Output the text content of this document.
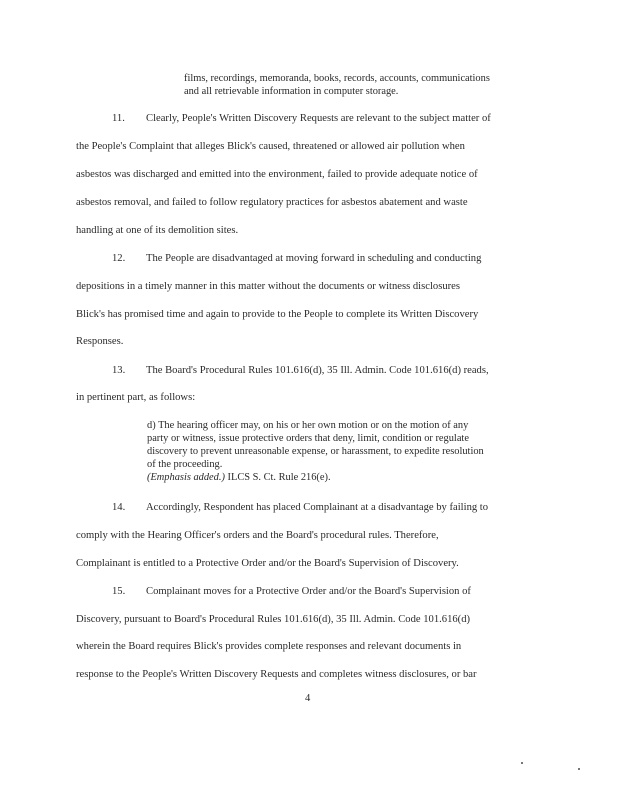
films, recordings, memoranda, books, records, accounts, communications
and all retrievable information in computer storage.
11. Clearly, People's Written Discovery Requests are relevant to the subject matter of
the People's Complaint that alleges Blick's caused, threatened or allowed air pollution when
asbestos was discharged and emitted into the environment, failed to provide adequate notice of
asbestos removal, and failed to follow regulatory practices for asbestos abatement and waste
handling at one of its demolition sites.
12. The People are disadvantaged at moving forward in scheduling and conducting
depositions in a timely manner in this matter without the documents or witness disclosures
Blick's has promised time and again to provide to the People to complete its Written Discovery
Responses.
13. The Board's Procedural Rules 101.616(d), 35 Ill. Admin. Code 101.616(d) reads,
in pertinent part, as follows:
d) The hearing officer may, on his or her own motion or on the motion of any
party or witness, issue protective orders that deny, limit, condition or regulate
discovery to prevent unreasonable expense, or harassment, to expedite resolution
of the proceeding.
(Emphasis added.) ILCS S. Ct. Rule 216(e).
14. Accordingly, Respondent has placed Complainant at a disadvantage by failing to
comply with the Hearing Officer's orders and the Board's procedural rules. Therefore,
Complainant is entitled to a Protective Order and/or the Board's Supervision of Discovery.
15. Complainant moves for a Protective Order and/or the Board's Supervision of
Discovery, pursuant to Board's Procedural Rules 101.616(d), 35 Ill. Admin. Code 101.616(d)
wherein the Board requires Blick's provides complete responses and relevant documents in
response to the People's Written Discovery Requests and completes witness disclosures, or bar
4
